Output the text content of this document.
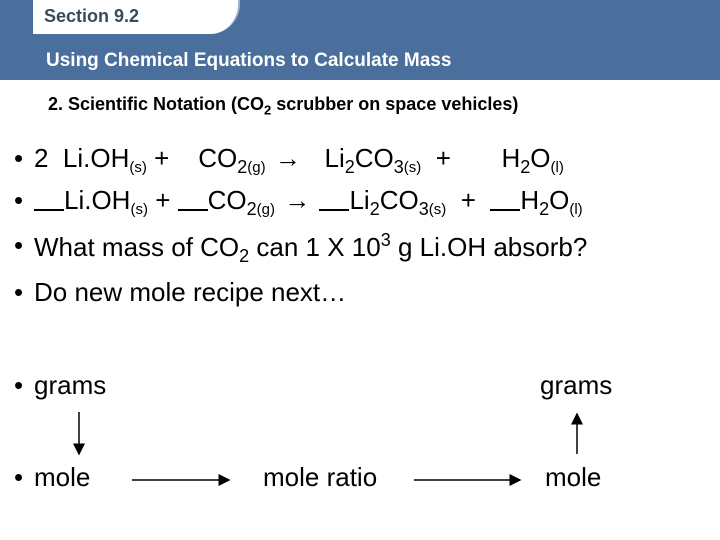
Section 9.2
Using Chemical Equations to Calculate Mass
2. Scientific Notation ($CO_2$ scrubber on space vehicles)
• 2 $Li.OH_{(s)} + CO_{2(g)} \to Li_2CO_{3(s)} + H_2O_{(l)}$
•	$Li.OH_{(s)} + CO_{2(g)} \to Li_2CO_{3(s)} + H_2O_{(l)}$
• What mass of $CO_2$ can 1 X $10^3$ g Li.OH absorb?
• Do new mole recipe next…
• grams	grams
• mole	mole ratio	mole
